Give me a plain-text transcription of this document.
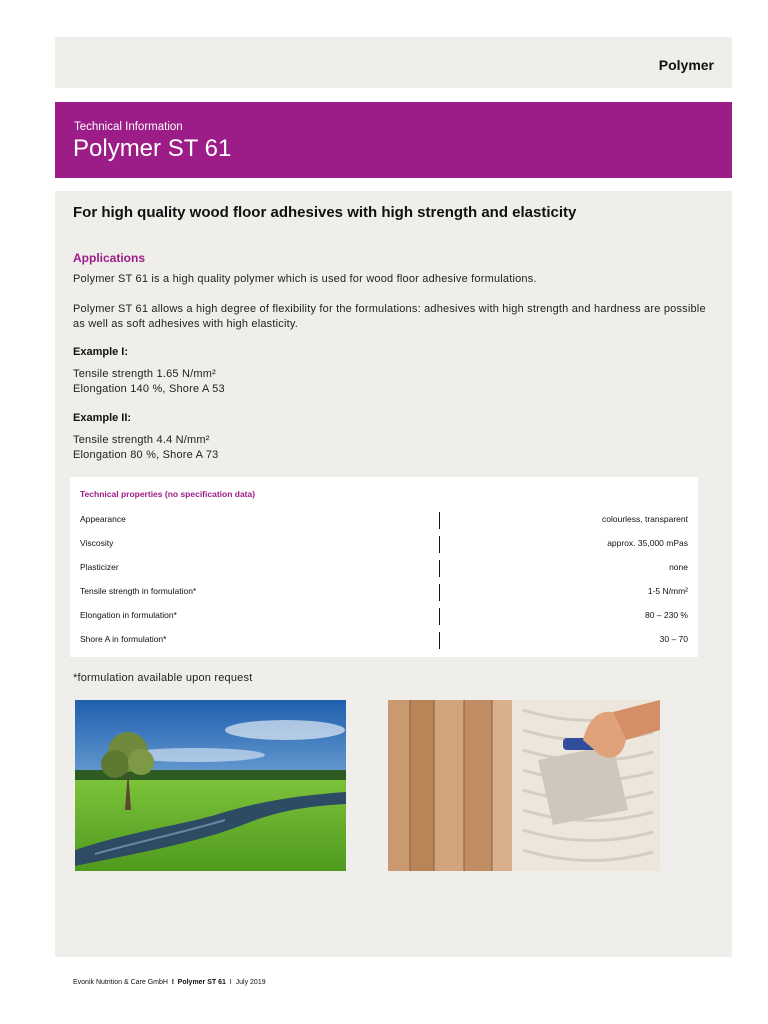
Polymer
Technical Information
Polymer ST 61
For high quality wood floor adhesives with high strength and elasticity
Applications
Polymer ST 61 is a high quality polymer which is used for wood floor adhesive formulations.
Polymer ST 61 allows a high degree of flexibility for the formulations: adhesives with high strength and hardness are possible as well as soft adhesives with high elasticity.
Example I:
Tensile strength 1.65 N/mm²
Elongation 140 %, Shore A 53
Example II:
Tensile strength 4.4 N/mm²
Elongation 80 %, Shore A 73
Technical properties (no specification data)
Appearance	colourless, transparent
Viscosity	approx. 35,000 mPas
Plasticizer	none
Tensile strength in formulation*	1-5 N/mm²
Elongation in formulation*	80 – 230 %
Shore A in formulation*	30 – 70
*formulation available upon request
Evonik Nutrition & Care GmbH I Polymer ST 61 I July 2019
